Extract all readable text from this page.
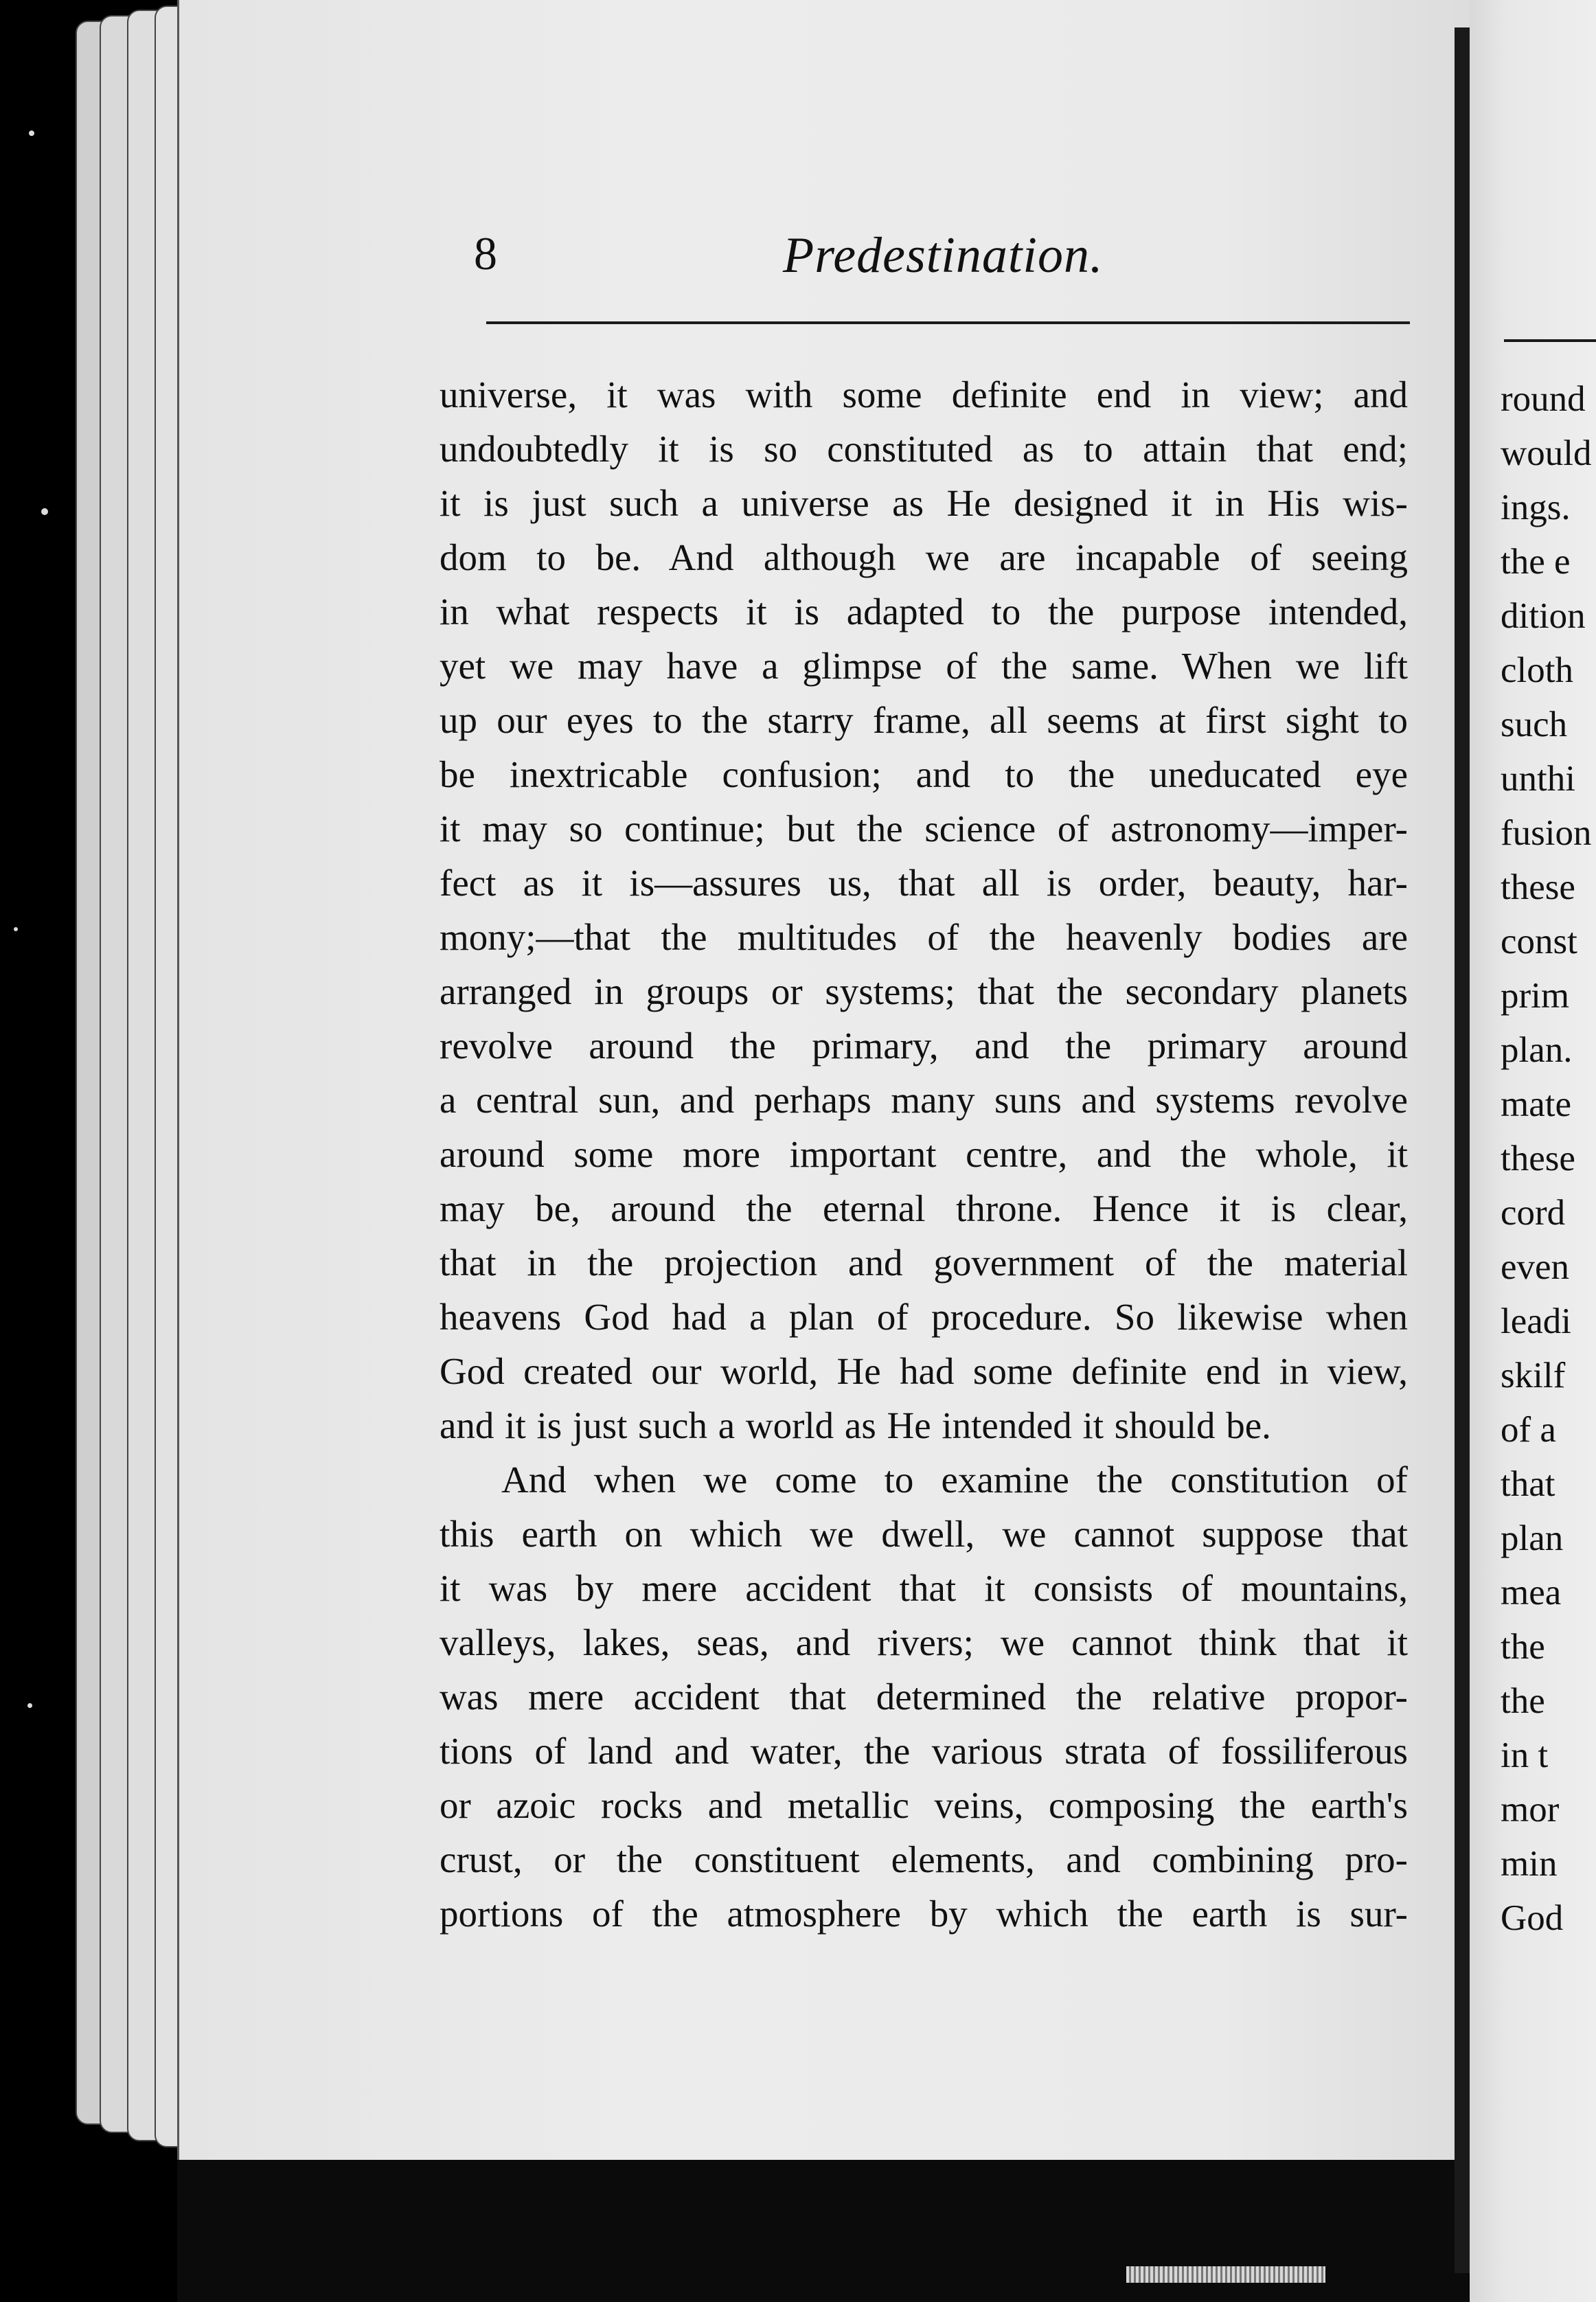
8	Predestination.
universe, it was with some definite end in view; and
undoubtedly it is so constituted as to attain that end;
it is just such a universe as He designed it in His wis-
dom to be. And although we are incapable of seeing
in what respects it is adapted to the purpose intended,
yet we may have a glimpse of the same. When we lift
up our eyes to the starry frame, all seems at first sight to
be inextricable confusion; and to the uneducated eye
it may so continue; but the science of astronomy—imper-
fect as it is—assures us, that all is order, beauty, har-
mony;—that the multitudes of the heavenly bodies are
arranged in groups or systems; that the secondary planets
revolve around the primary, and the primary around
a central sun, and perhaps many suns and systems revolve
around some more important centre, and the whole, it
may be, around the eternal throne. Hence it is clear,
that in the projection and government of the material
heavens God had a plan of procedure. So likewise when
God created our world, He had some definite end in view,
and it is just such a world as He intended it should be.
And when we come to examine the constitution of
this earth on which we dwell, we cannot suppose that
it was by mere accident that it consists of mountains,
valleys, lakes, seas, and rivers; we cannot think that it
was mere accident that determined the relative propor-
tions of land and water, the various strata of fossiliferous
or azoic rocks and metallic veins, composing the earth's
crust, or the constituent elements, and combining pro-
portions of the atmosphere by which the earth is sur-
round
would
ings.
the e
dition
cloth
such
unthi
fusion
these
const
prim
plan.
mate
these
cord
even
leadi
skilf
of a
that
plan
mea
the
the
in t
mor
min
God
